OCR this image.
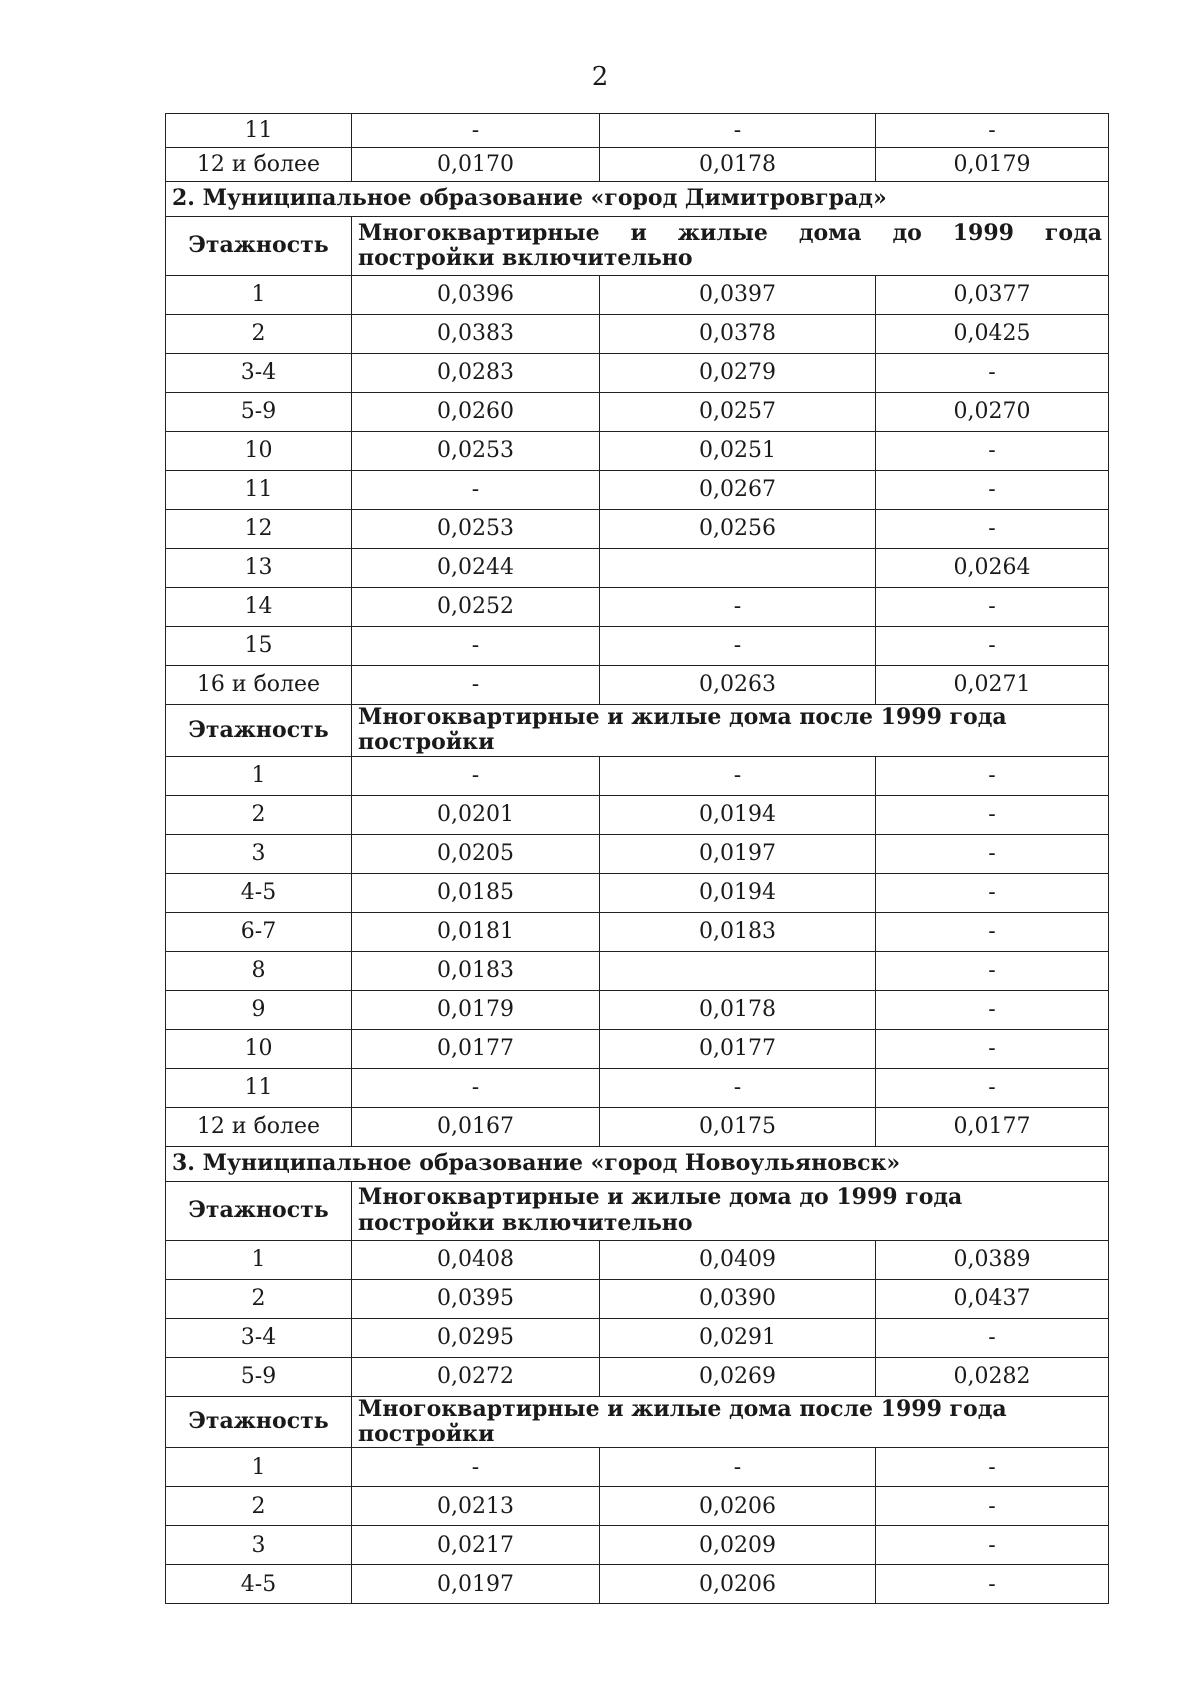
2
11	-	-	-
12 и более	0,0170	0,0178	0,0179
2. Муниципальное образование «город Димитровград»			
Этажность	Многоквартирные и жилые дома до 1999 года постройки включительно		
1	0,0396	0,0397	0,0377
2	0,0383	0,0378	0,0425
3-4	0,0283	0,0279	-
5-9	0,0260	0,0257	0,0270
10	0,0253	0,0251	-
11	-	0,0267	-
12	0,0253	0,0256	-
13	0,0244		0,0264
14	0,0252	-	-
15	-	-	-
16 и более	-	0,0263	0,0271
Этажность	Многоквартирные и жилые дома после 1999 года постройки		
1	-	-	-
2	0,0201	0,0194	-
3	0,0205	0,0197	-
4-5	0,0185	0,0194	-
6-7	0,0181	0,0183	-
8	0,0183		-
9	0,0179	0,0178	-
10	0,0177	0,0177	-
11	-	-	-
12 и более	0,0167	0,0175	0,0177
3. Муниципальное образование «город Новоульяновск»			
Этажность	Многоквартирные и жилые дома до 1999 года постройки включительно		
1	0,0408	0,0409	0,0389
2	0,0395	0,0390	0,0437
3-4	0,0295	0,0291	-
5-9	0,0272	0,0269	0,0282
Этажность	Многоквартирные и жилые дома после 1999 года постройки		
1	-	-	-
2	0,0213	0,0206	-
3	0,0217	0,0209	-
4-5	0,0197	0,0206	-
